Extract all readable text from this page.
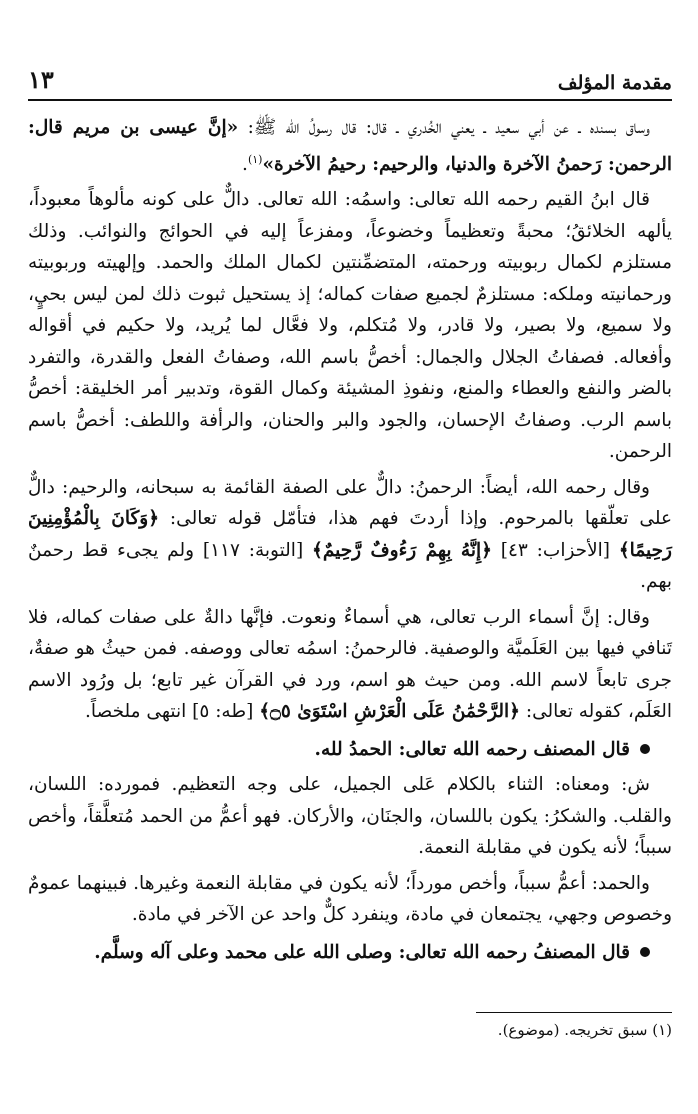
مقدمة المؤلف
١٣

وساق بسنده ـ عن أبي سعيد ـ يعني الخُدري ـ قال: قال رسولُ الله ﷺ: «إنَّ عيسى بن مريم قال: الرحمن: رَحمنُ الآخرة والدنيا، والرحيم: رحيمُ الآخرة»$^{(١)}$.

قال ابنُ القيم رحمه الله تعالى: واسمُه: الله تعالى. دالٌّ على كونه مألوهاً معبوداً، يألهه الخلائقُ؛ محبةً وتعظيماً وخضوعاً، ومفزعاً إليه في الحوائج والنوائب. وذلك مستلزم لكمال ربوبيته ورحمته، المتضمِّنتين لكمال الملك والحمد. وإلهيته وربوبيته ورحمانيته وملكه: مستلزمٌ لجميع صفات كماله؛ إذ يستحيل ثبوت ذلك لمن ليس بحيٍ، ولا سميع، ولا بصير، ولا قادر، ولا مُتكلم، ولا فعَّال لما يُريد، ولا حكيم في أقواله وأفعاله. فصفاتُ الجلال والجمال: أخصُّ باسم الله، وصفاتُ الفعل والقدرة، والتفرد بالضر والنفع والعطاء والمنع، ونفوذِ المشيئة وكمال القوة، وتدبير أمر الخليقة: أخصُّ باسم الرب. وصفاتُ الإحسان، والجود والبر والحنان، والرأفة واللطف: أخصُّ باسم الرحمن.

وقال رحمه الله، أيضاً: الرحمنُ: دالٌّ على الصفة القائمة به سبحانه، والرحيم: دالٌّ على تعلّقها بالمرحوم. وإذا أردتَ فهم هذا، فتأمّل قوله تعالى: ﴿وَكَانَ بِالْمُؤْمِنِينَ رَحِيمًا﴾ [الأحزاب: ٤٣] ﴿إِنَّهُ بِهِمْ رَءُوفٌ رَّحِيمٌ﴾ [التوبة: ١١٧] ولم يجىء قط رحمنٌ بهم.

وقال: إنَّ أسماء الرب تعالى، هي أسماءٌ ونعوت. فإنَّها دالةٌ على صفات كماله، فلا تَنافي فيها بين العَلَميَّة والوصفية. فالرحمنُ: اسمُه تعالى ووصفه. فمن حيثُ هو صفةٌ، جرى تابعاً لاسم الله. ومن حيث هو اسم، ورد في القرآن غير تابع؛ بل ورُود الاسم العَلَم، كقوله تعالى: ﴿الرَّحْمَٰنُ عَلَى الْعَرْشِ اسْتَوَىٰ ۝٥﴾ [طه: ٥] انتهى ملخصاً.

قال المصنف رحمه الله تعالى: الحمدُ لله.

ش: ومعناه: الثناء بالكلام عَلى الجميل، على وجه التعظيم. فمورده: اللسان، والقلب. والشكرُ: يكون باللسان، والجنَان، والأركان. فهو أعمُّ من الحمد مُتعلَّقاً، وأخص سبباً؛ لأنه يكون في مقابلة النعمة.

والحمد: أعمُّ سبباً، وأخص مورداً؛ لأنه يكون في مقابلة النعمة وغيرها. فبينهما عمومٌ وخصوص وجهي، يجتمعان في مادة، وينفرد كلٌّ واحد عن الآخر في مادة.

قال المصنفُ رحمه الله تعالى: وصلى الله على محمد وعلى آله وسلَّم.
(١) سبق تخريجه. (موضوع).
